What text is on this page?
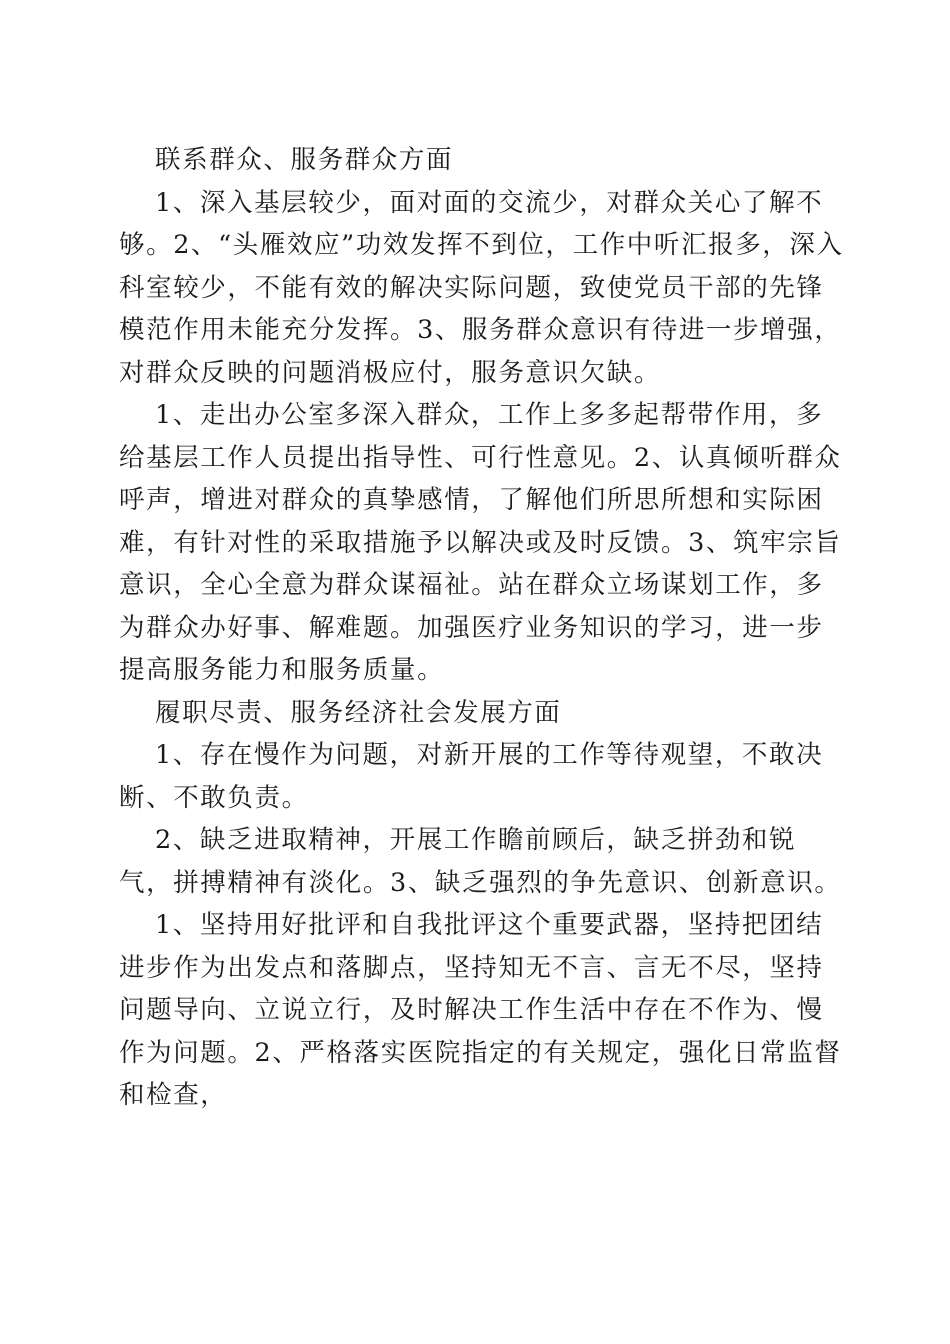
联系群众、服务群众方面

1、深入基层较少，面对面的交流少，对群众关心了解不够。2、“头雁效应”功效发挥不到位，工作中听汇报多，深入科室较少，不能有效的解决实际问题，致使党员干部的先锋模范作用未能充分发挥。3、服务群众意识有待进一步增强，对群众反映的问题消极应付，服务意识欠缺。

1、走出办公室多深入群众，工作上多多起帮带作用，多给基层工作人员提出指导性、可行性意见。2、认真倾听群众呼声，增进对群众的真挚感情，了解他们所思所想和实际困难，有针对性的采取措施予以解决或及时反馈。3、筑牢宗旨意识，全心全意为群众谋福祉。站在群众立场谋划工作，多为群众办好事、解难题。加强医疗业务知识的学习，进一步提高服务能力和服务质量。

履职尽责、服务经济社会发展方面

1、存在慢作为问题，对新开展的工作等待观望，不敢决断、不敢负责。

2、缺乏进取精神，开展工作瞻前顾后，缺乏拼劲和锐气，拼搏精神有淡化。3、缺乏强烈的争先意识、创新意识。

1、坚持用好批评和自我批评这个重要武器，坚持把团结进步作为出发点和落脚点，坚持知无不言、言无不尽，坚持问题导向、立说立行，及时解决工作生活中存在不作为、慢作为问题。2、严格落实医院指定的有关规定，强化日常监督和检查，
